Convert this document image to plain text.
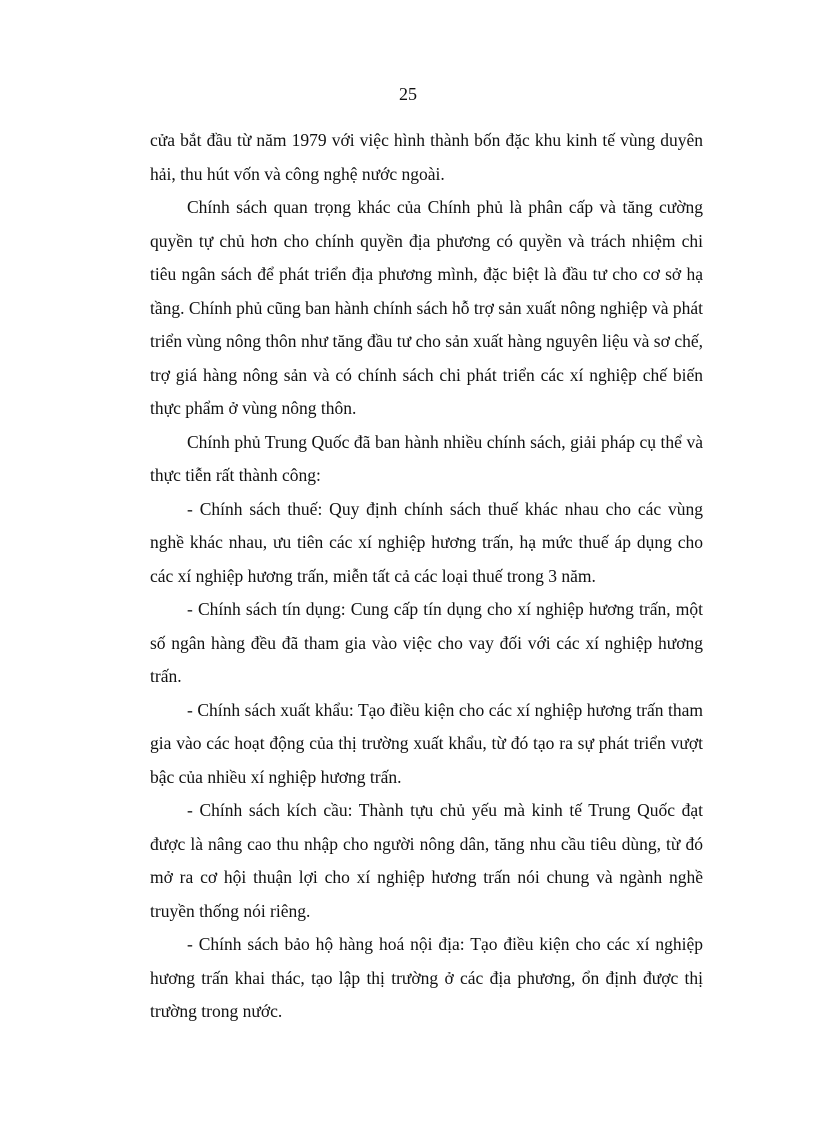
25

cửa bắt đầu từ năm 1979 với việc hình thành bốn đặc khu kinh tế vùng duyên hải, thu hút vốn và công nghệ nước ngoài.

Chính sách quan trọng khác của Chính phủ là phân cấp và tăng cường quyền tự chủ hơn cho chính quyền địa phương có quyền và trách nhiệm chi tiêu ngân sách để phát triển địa phương mình, đặc biệt là đầu tư cho cơ sở hạ tầng. Chính phủ cũng ban hành chính sách hỗ trợ sản xuất nông nghiệp và phát triển vùng nông thôn như tăng đầu tư cho sản xuất hàng nguyên liệu và sơ chế, trợ giá hàng nông sản và có chính sách chi phát triển các xí nghiệp chế biến thực phẩm ở vùng nông thôn.

Chính phủ Trung Quốc đã ban hành nhiều chính sách, giải pháp cụ thể và thực tiễn rất thành công:

- Chính sách thuế: Quy định chính sách thuế khác nhau cho các vùng nghề khác nhau, ưu tiên các xí nghiệp hương trấn, hạ mức thuế áp dụng cho các xí nghiệp hương trấn, miễn tất cả các loại thuế trong 3 năm.

- Chính sách tín dụng: Cung cấp tín dụng cho xí nghiệp hương trấn, một số ngân hàng đều đã tham gia vào việc cho vay đối với các xí nghiệp hương trấn.

- Chính sách xuất khẩu: Tạo điều kiện cho các xí nghiệp hương trấn tham gia vào các hoạt động của thị trường xuất khẩu, từ đó tạo ra sự phát triển vượt bậc của nhiều xí nghiệp hương trấn.

- Chính sách kích cầu: Thành tựu chủ yếu mà kinh tế Trung Quốc đạt được là nâng cao thu nhập cho người nông dân, tăng nhu cầu tiêu dùng, từ đó mở ra cơ hội thuận lợi cho xí nghiệp hương trấn nói chung và ngành nghề truyền thống nói riêng.

- Chính sách bảo hộ hàng hoá nội địa: Tạo điều kiện cho các xí nghiệp hương trấn khai thác, tạo lập thị trường ở các địa phương, ổn định được thị trường trong nước.
